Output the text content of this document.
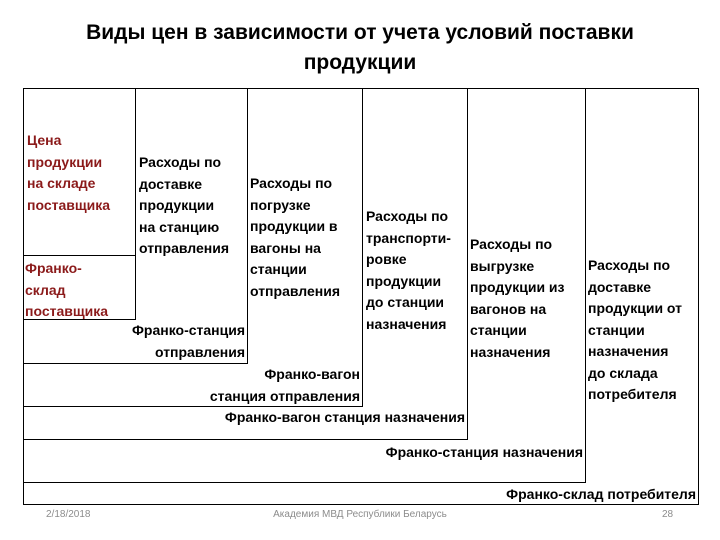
Виды цен в зависимости от учета условий поставки
продукции
Цена
продукции
на складе
поставщика
Расходы по
доставке
продукции
на станцию
отправления
Расходы по
погрузке
продукции в
вагоны на
станции
отправления
Расходы по
транспорти-
ровке
продукции
до станции
назначения
Расходы по
выгрузке
продукции из
вагонов на
станции
назначения
Расходы по
доставке
продукции от
станции
назначения
до склада
потребителя
Франко-
склад
поставщика
Франко-станция
отправления
Франко-вагон
станция отправления
Франко-вагон станция назначения
Франко-станция назначения
Франко-склад потребителя
2/18/2018	Академия МВД Республики Беларусь	28
